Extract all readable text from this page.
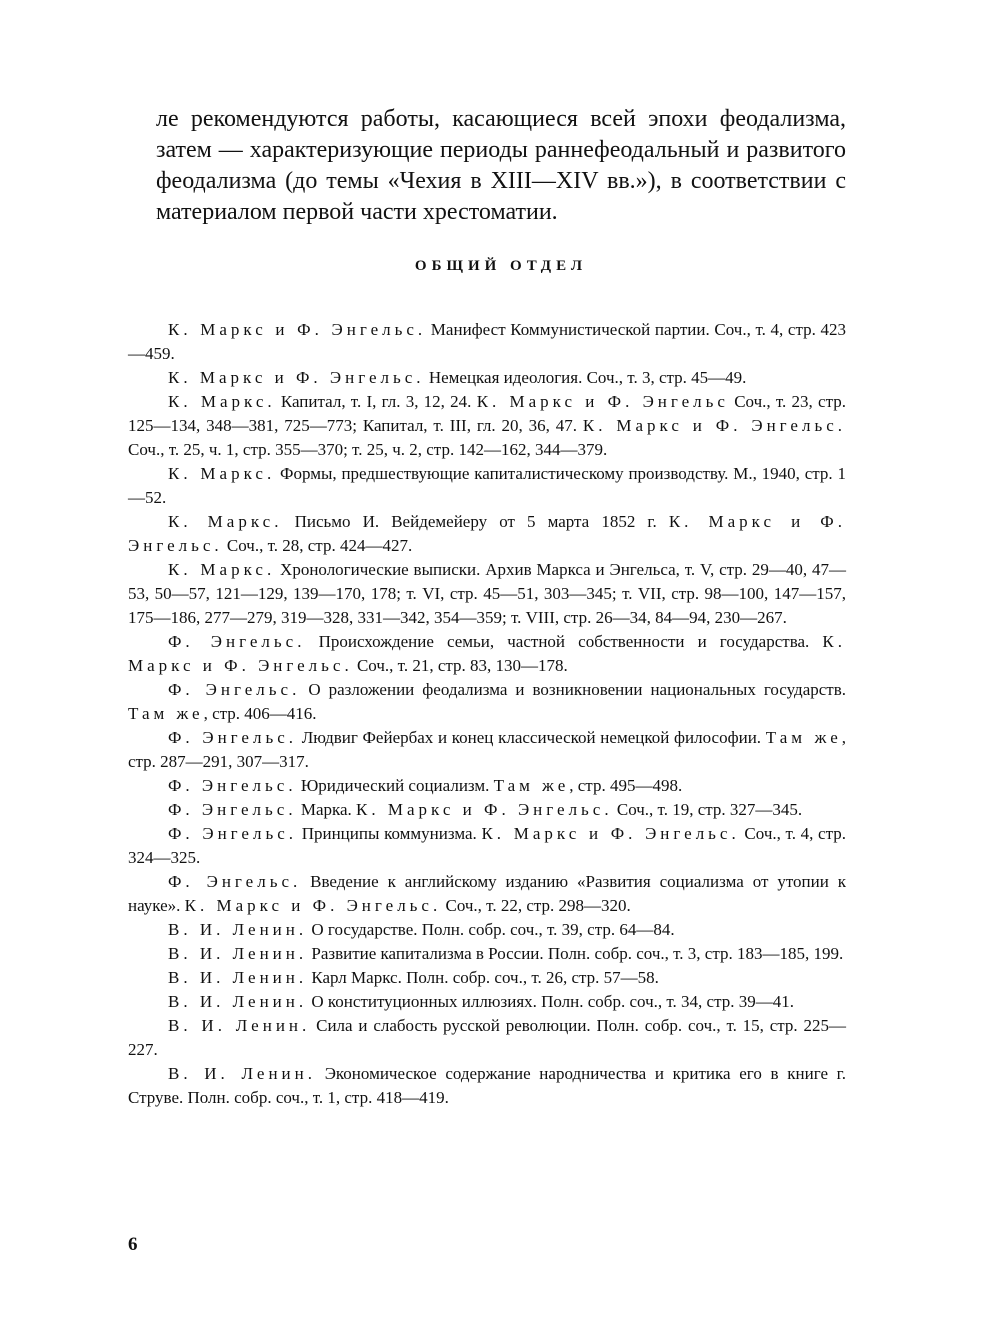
ле рекомендуются работы, касающиеся всей эпохи феодализма, затем — характеризующие периоды раннефеодальный и развитого феодализма (до темы «Чехия в XIII—XIV вв.»), в соответствии с материалом первой части хрестоматии.

ОБЩИЙ ОТДЕЛ

К. Маркс и Ф. Энгельс. Манифест Коммунистической партии. Соч., т. 4, стр. 423—459.

К. Маркс и Ф. Энгельс. Немецкая идеология. Соч., т. 3, стр. 45—49.

К. Маркс. Капитал, т. I, гл. 3, 12, 24. К. Маркс и Ф. Энгельс Соч., т. 23, стр. 125—134, 348—381, 725—773; Капитал, т. III, гл. 20, 36, 47. К. Маркс и Ф. Энгельс. Соч., т. 25, ч. 1, стр. 355—370; т. 25, ч. 2, стр. 142—162, 344—379.

К. Маркс. Формы, предшествующие капиталистическому производству. М., 1940, стр. 1—52.

К. Маркс. Письмо И. Вейдемейеру от 5 марта 1852 г. К. Маркс и Ф. Энгельс. Соч., т. 28, стр. 424—427.

К. Маркс. Хронологические выписки. Архив Маркса и Энгельса, т. V, стр. 29—40, 47—53, 50—57, 121—129, 139—170, 178; т. VI, стр. 45—51, 303—345; т. VII, стр. 98—100, 147—157, 175—186, 277—279, 319—328, 331—342, 354—359; т. VIII, стр. 26—34, 84—94, 230—267.

Ф. Энгельс. Происхождение семьи, частной собственности и государства. К. Маркс и Ф. Энгельс. Соч., т. 21, стр. 83, 130—178.

Ф. Энгельс. О разложении феодализма и возникновении национальных государств. Там же, стр. 406—416.

Ф. Энгельс. Людвиг Фейербах и конец классической немецкой философии. Там же, стр. 287—291, 307—317.

Ф. Энгельс. Юридический социализм. Там же, стр. 495—498.

Ф. Энгельс. Марка. К. Маркс и Ф. Энгельс. Соч., т. 19, стр. 327—345.

Ф. Энгельс. Принципы коммунизма. К. Маркс и Ф. Энгельс. Соч., т. 4, стр. 324—325.

Ф. Энгельс. Введение к английскому изданию «Развития социализма от утопии к науке». К. Маркс и Ф. Энгельс. Соч., т. 22, стр. 298—320.

В. И. Ленин. О государстве. Полн. собр. соч., т. 39, стр. 64—84.

В. И. Ленин. Развитие капитализма в России. Полн. собр. соч., т. 3, стр. 183—185, 199.

В. И. Ленин. Карл Маркс. Полн. собр. соч., т. 26, стр. 57—58.

В. И. Ленин. О конституционных иллюзиях. Полн. собр. соч., т. 34, стр. 39—41.

В. И. Ленин. Сила и слабость русской революции. Полн. собр. соч., т. 15, стр. 225—227.

В. И. Ленин. Экономическое содержание народничества и критика его в книге г. Струве. Полн. собр. соч., т. 1, стр. 418—419.

6
